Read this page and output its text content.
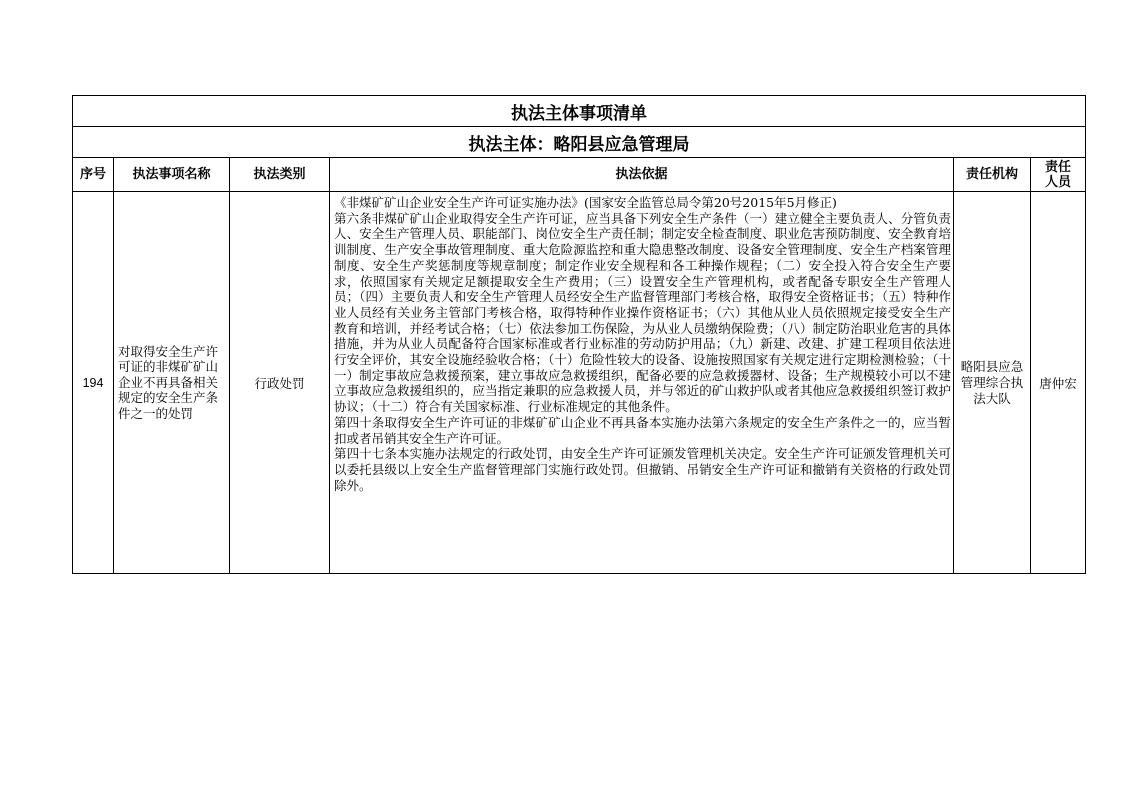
执法主体事项清单					
执法主体：略阳县应急管理局					
序号	执法事项名称	执法类别	执法依据	责任机构	责任人员
194	对取得安全生产许可证的非煤矿矿山企业不再具备相关规定的安全生产条件之一的处罚	行政处罚	《非煤矿矿山企业安全生产许可证实施办法》(国家安全监管总局令第20号2015年5月修正)

第六条非煤矿矿山企业取得安全生产许可证，应当具备下列安全生产条件（一）建立健全主要负责人、分管负责人、安全生产管理人员、职能部门、岗位安全生产责任制；制定安全检查制度、职业危害预防制度、安全教育培训制度、生产安全事故管理制度、重大危险源监控和重大隐患整改制度、设备安全管理制度、安全生产档案管理制度、安全生产奖惩制度等规章制度；制定作业安全规程和各工种操作规程；（二）安全投入符合安全生产要求，依照国家有关规定足额提取安全生产费用；（三）设置安全生产管理机构，或者配备专职安全生产管理人员；（四）主要负责人和安全生产管理人员经安全生产监督管理部门考核合格，取得安全资格证书；（五）特种作业人员经有关业务主管部门考核合格，取得特种作业操作资格证书；（六）其他从业人员依照规定接受安全生产教育和培训，并经考试合格；（七）依法参加工伤保险，为从业人员缴纳保险费；（八）制定防治职业危害的具体措施，并为从业人员配备符合国家标准或者行业标准的劳动防护用品；（九）新建、改建、扩建工程项目依法进行安全评价，其安全设施经验收合格；（十）危险性较大的设备、设施按照国家有关规定进行定期检测检验；（十一）制定事故应急救援预案，建立事故应急救援组织，配备必要的应急救援器材、设备；生产规模较小可以不建立事故应急救援组织的，应当指定兼职的应急救援人员，并与邻近的矿山救护队或者其他应急救援组织签订救护协议；（十二）符合有关国家标准、行业标准规定的其他条件。

第四十条取得安全生产许可证的非煤矿矿山企业不再具备本实施办法第六条规定的安全生产条件之一的，应当暂扣或者吊销其安全生产许可证。

第四十七条本实施办法规定的行政处罚，由安全生产许可证颁发管理机关决定。安全生产许可证颁发管理机关可以委托县级以上安全生产监督管理部门实施行政处罚。但撤销、吊销安全生产许可证和撤销有关资格的行政处罚除外。	略阳县应急管理综合执法大队	唐仲宏
